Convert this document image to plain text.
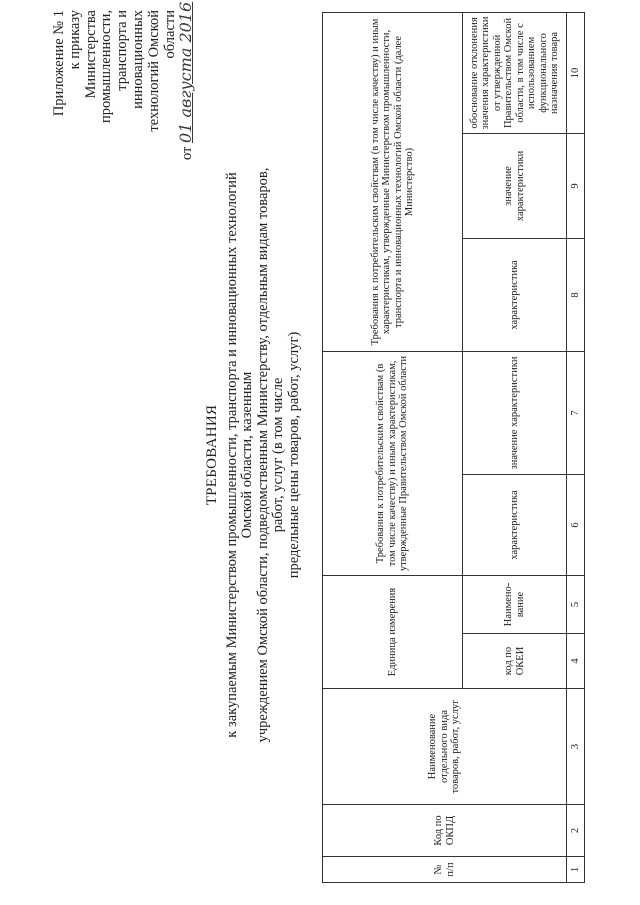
Приложение № 1 к приказу Министерства промышленности, транспорта и инновационных технологий Омской области
от 01 августа 2016
ТРЕБОВАНИЯ к закупаемым Министерством промышленности, транспорта и инновационных технологий Омской области, казенным учреждением Омской области, подведомственным Министерству, отдельным видам товаров, работ, услуг (в том числе предельные цены товаров, работ, услуг)
№ п/п	Код по ОКПД	Наименование отдельного вида товаров, работ, услуг	Единица измерения		Требования к потребительским свойствам (в том числе качеству) и иным характеристикам, утвержденные Правительством Омской области		Требования к потребительским свойствам (в том числе качеству) и иным характеристикам, утвержденные Министерством промышленности, транспорта и инновационных технологий Омской области (далее Министерство)		
			код по ОКЕИ	Наимено-вание	характеристика	значение характеристики	характеристика	значение характеристики	обоснование отклонения значения характеристики от утвержденной Правительством Омской области, в том числе с использованием функционального назначения товара
1	2	3	4	5	6	7	8	9	10
